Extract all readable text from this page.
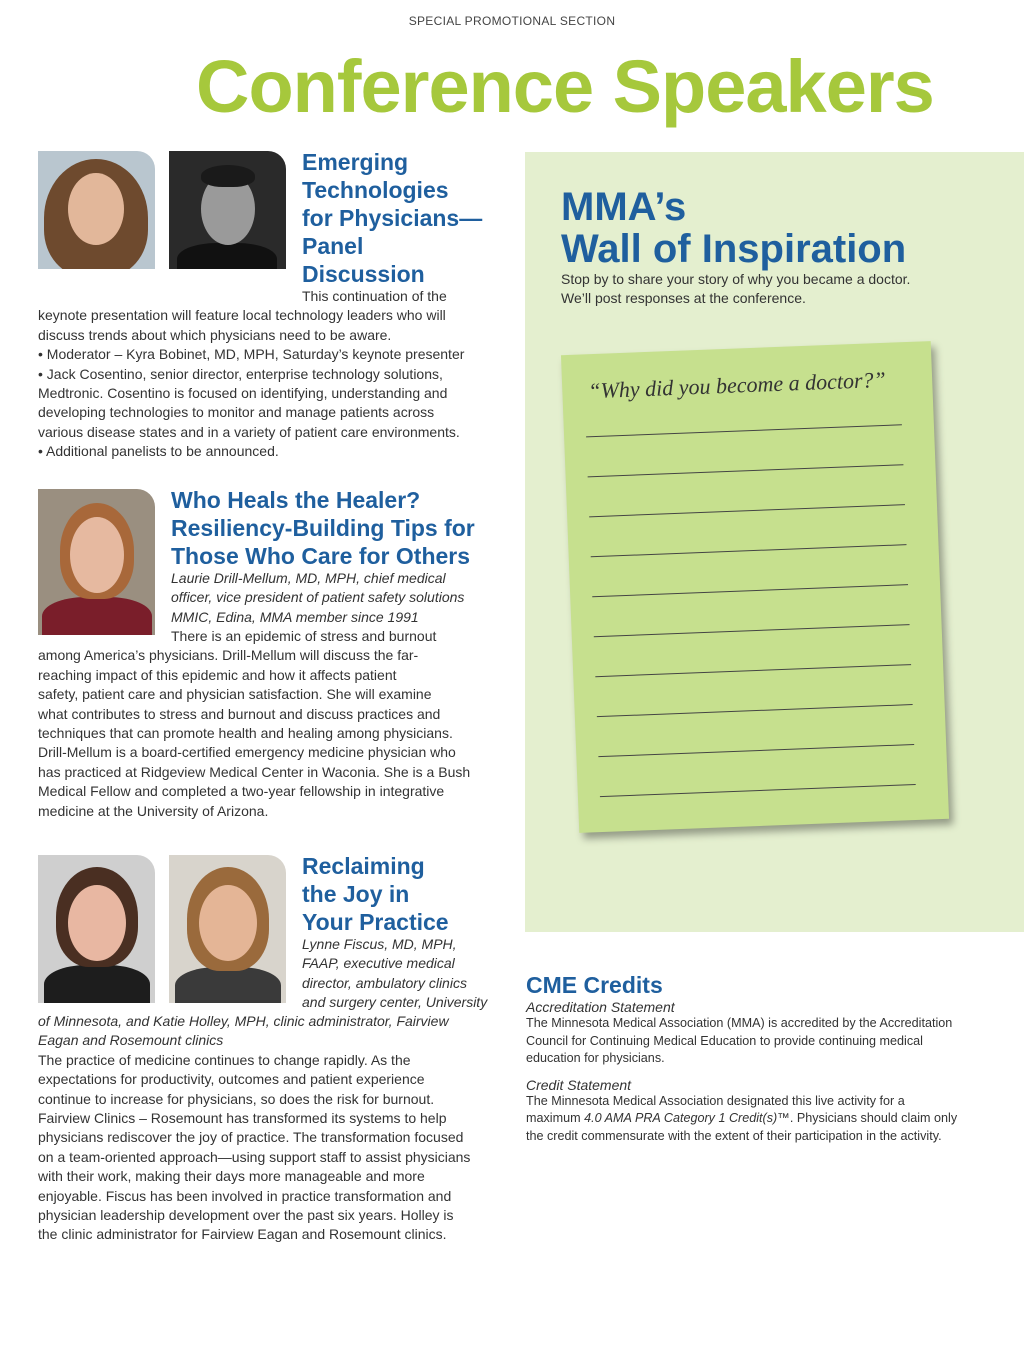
SPECIAL PROMOTIONAL SECTION
Conference Speakers
Emerging
Technologies
for Physicians—
Panel
Discussion

This continuation of the

keynote presentation will feature local technology leaders who will

discuss trends about which physicians need to be aware.

• Moderator – Kyra Bobinet, MD, MPH, Saturday’s keynote presenter

• Jack Cosentino, senior director, enterprise technology solutions,

Medtronic. Cosentino is focused on identifying, understanding and

developing technologies to monitor and manage patients across

various disease states and in a variety of patient care environments.

• Additional panelists to be announced.

Who Heals the Healer?
Resiliency-Building Tips for
Those Who Care for Others

Laurie Drill-Mellum, MD, MPH, chief medical

officer, vice president of patient safety solutions

MMIC, Edina, MMA member since 1991

There is an epidemic of stress and burnout

among America’s physicians. Drill-Mellum will discuss the far-

reaching impact of this epidemic and how it affects patient

safety, patient care and physician satisfaction. She will examine

what contributes to stress and burnout and discuss practices and

techniques that can promote health and healing among physicians.

Drill-Mellum is a board-certified emergency medicine physician who

has practiced at Ridgeview Medical Center in Waconia. She is a Bush

Medical Fellow and completed a two-year fellowship in integrative

medicine at the University of Arizona.

Reclaiming
the Joy in
Your Practice

Lynne Fiscus, MD, MPH,

FAAP, executive medical

director, ambulatory clinics

and surgery center, University

of Minnesota, and Katie Holley, MPH, clinic administrator, Fairview

Eagan and Rosemount clinics

The practice of medicine continues to change rapidly. As the

expectations for productivity, outcomes and patient experience

continue to increase for physicians, so does the risk for burnout.

Fairview Clinics – Rosemount has transformed its systems to help

physicians rediscover the joy of practice. The transformation focused

on a team-oriented approach—using support staff to assist physicians

with their work, making their days more manageable and more

enjoyable. Fiscus has been involved in practice transformation and

physician leadership development over the past six years. Holley is

the clinic administrator for Fairview Eagan and Rosemount clinics.

MMA’s
Wall of Inspiration
Stop by to share your story of why you became a doctor.
We’ll post responses at the conference.
“Why did you become a doctor?”
CME Credits
Accreditation Statement
The Minnesota Medical Association (MMA) is accredited by the Accreditation
Council for Continuing Medical Education to provide continuing medical
education for physicians.
Credit Statement
The Minnesota Medical Association designated this live activity for a
maximum 4.0 AMA PRA Category 1 Credit(s)™. Physicians should claim only
the credit commensurate with the extent of their participation in the activity.
